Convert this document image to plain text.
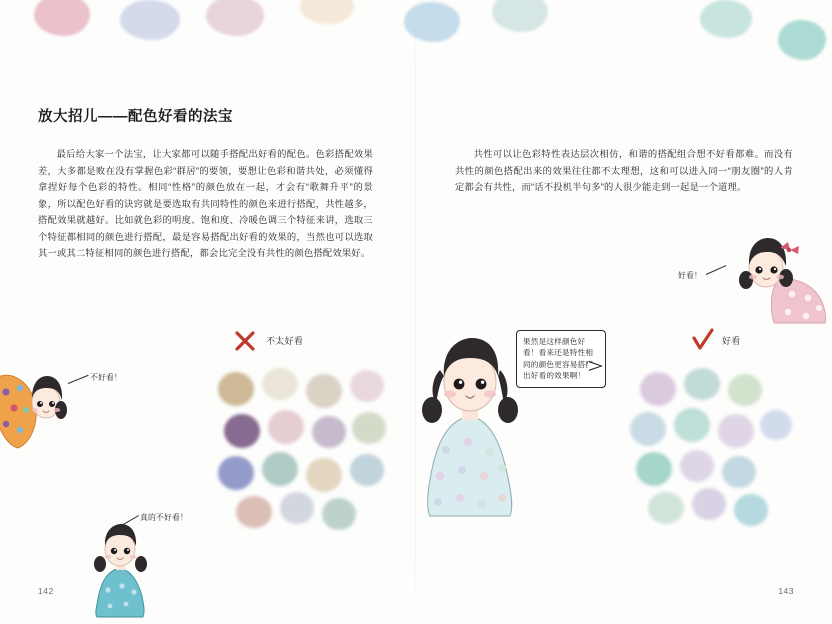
放大招儿——配色好看的法宝

最后给大家一个法宝，让大家都可以随手搭配出好看的配色。色彩搭配效果差，大多都是败在没有掌握色彩“群居”的要领，要想让色彩和谐共处，必须懂得拿捏好每个色彩的特性。相同“性格”的颜色放在一起，才会有“歌舞升平”的景象，所以配色好看的诀窍就是要选取有共同特性的颜色来进行搭配，共性越多，搭配效果就越好。比如就色彩的明度、饱和度、冷暖色调三个特征来讲，选取三个特征都相同的颜色进行搭配，最是容易搭配出好看的效果的，当然也可以选取其一或其二特征相同的颜色进行搭配，都会比完全没有共性的颜色搭配效果好。

共性可以让色彩特性表达层次相仿，和谐的搭配组合想不好看都难。而没有共性的颜色搭配出来的效果往往都不太理想，这和可以进入同一“朋友圈”的人肯定都会有共性，而“话不投机半句多”的人很少能走到一起是一个道理。

142	143
不太好看	好看
果然是这样颜色好看！看来还是特性相同的颜色更容易搭配出好看的效果啊！
真的不好看！
不好看！
好看！
